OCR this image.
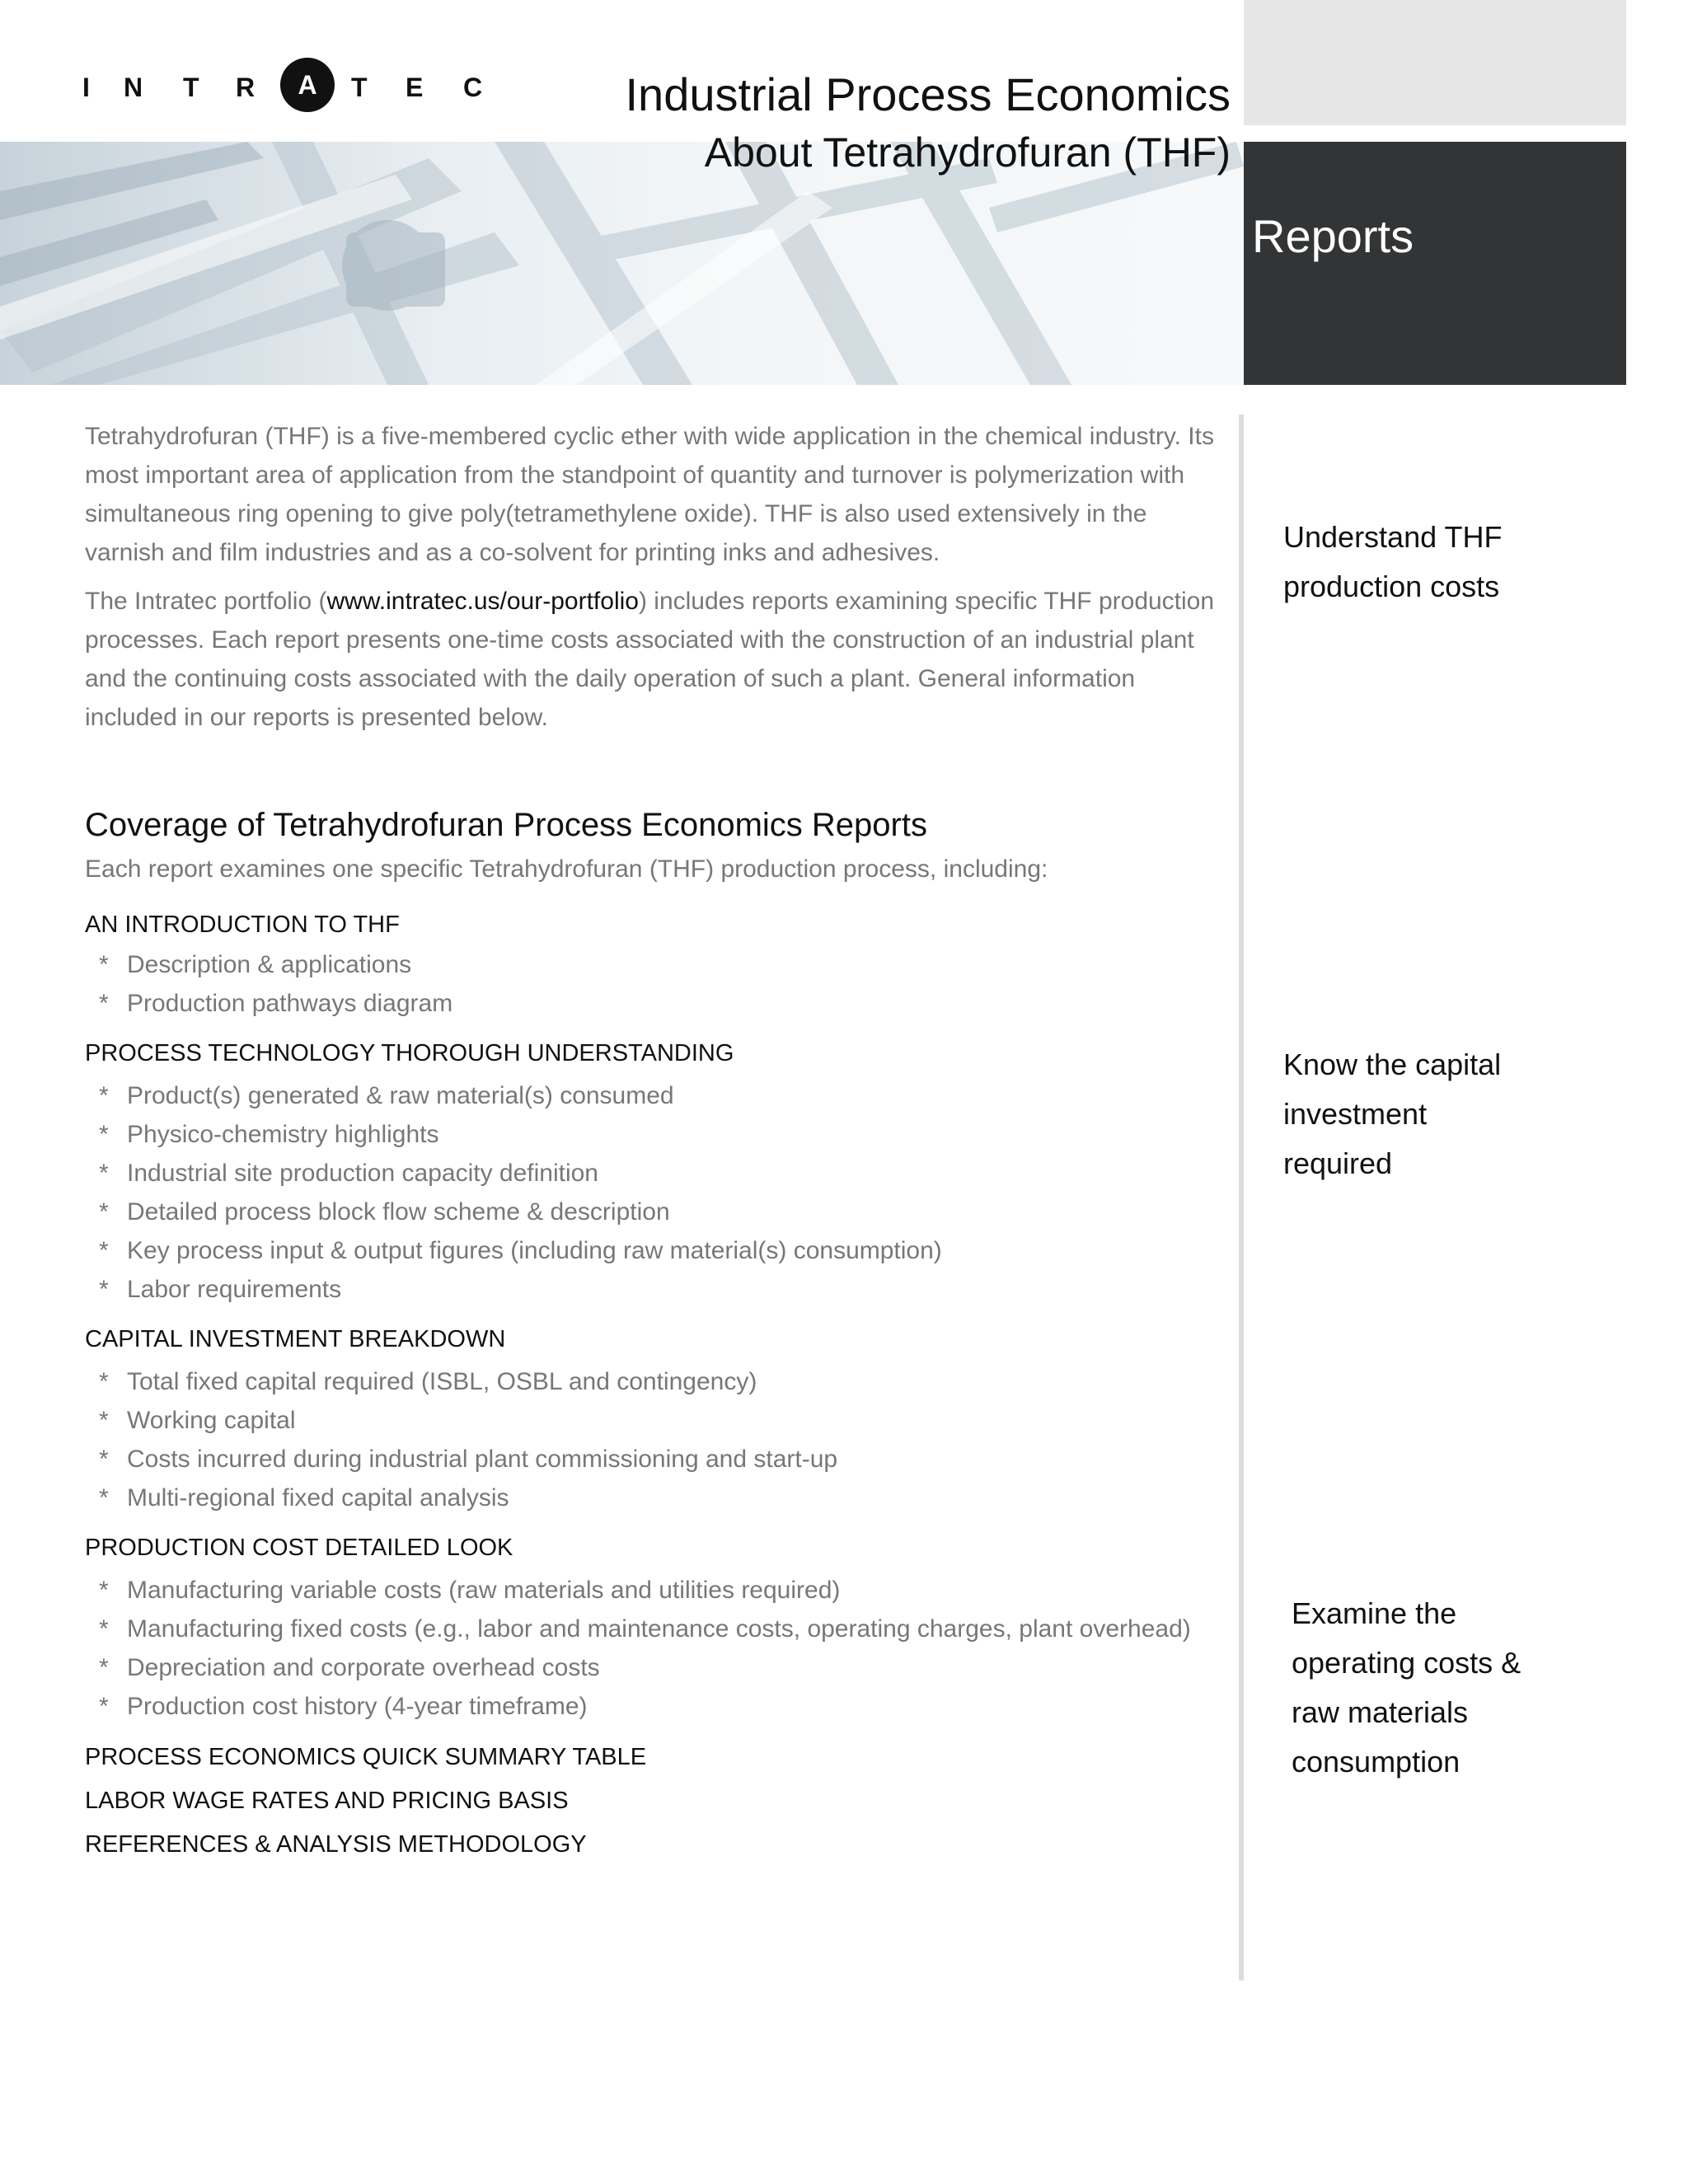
I N T R	A	T E C	Industrial Process Economics
Reports
About Tetrahydrofuran (THF)
Tetrahydrofuran (THF) is a five-membered cyclic ether with wide application in the chemical industry. Its most important area of application from the standpoint of quantity and turnover is polymerization with simultaneous ring opening to give poly(tetramethylene oxide). THF is also used extensively in the varnish and film industries and as a co-solvent for printing inks and adhesives.
The Intratec portfolio (www.intratec.us/our-portfolio) includes reports examining specific THF production processes. Each report presents one-time costs associated with the construction of an industrial plant and the continuing costs associated with the daily operation of such a plant. General information included in our reports is presented below.
Coverage of Tetrahydrofuran Process Economics Reports
Each report examines one specific Tetrahydrofuran (THF) production process, including:
AN INTRODUCTION TO THF
* Description & applications
* Production pathways diagram
PROCESS TECHNOLOGY THOROUGH UNDERSTANDING
* Product(s) generated & raw material(s) consumed
* Physico-chemistry highlights
* Industrial site production capacity definition
* Detailed process block flow scheme & description
* Key process input & output figures (including raw material(s) consumption)
* Labor requirements
CAPITAL INVESTMENT BREAKDOWN
* Total fixed capital required (ISBL, OSBL and contingency)
* Working capital
* Costs incurred during industrial plant commissioning and start-up
* Multi-regional fixed capital analysis
PRODUCTION COST DETAILED LOOK
* Manufacturing variable costs (raw materials and utilities required)
* Manufacturing fixed costs (e.g., labor and maintenance costs, operating charges, plant overhead)
* Depreciation and corporate overhead costs
* Production cost history (4-year timeframe)
PROCESS ECONOMICS QUICK SUMMARY TABLE
LABOR WAGE RATES AND PRICING BASIS
REFERENCES & ANALYSIS METHODOLOGY
Understand THF
production costs
Know the capital
investment
required
Examine the
operating costs &
raw materials
consumption
